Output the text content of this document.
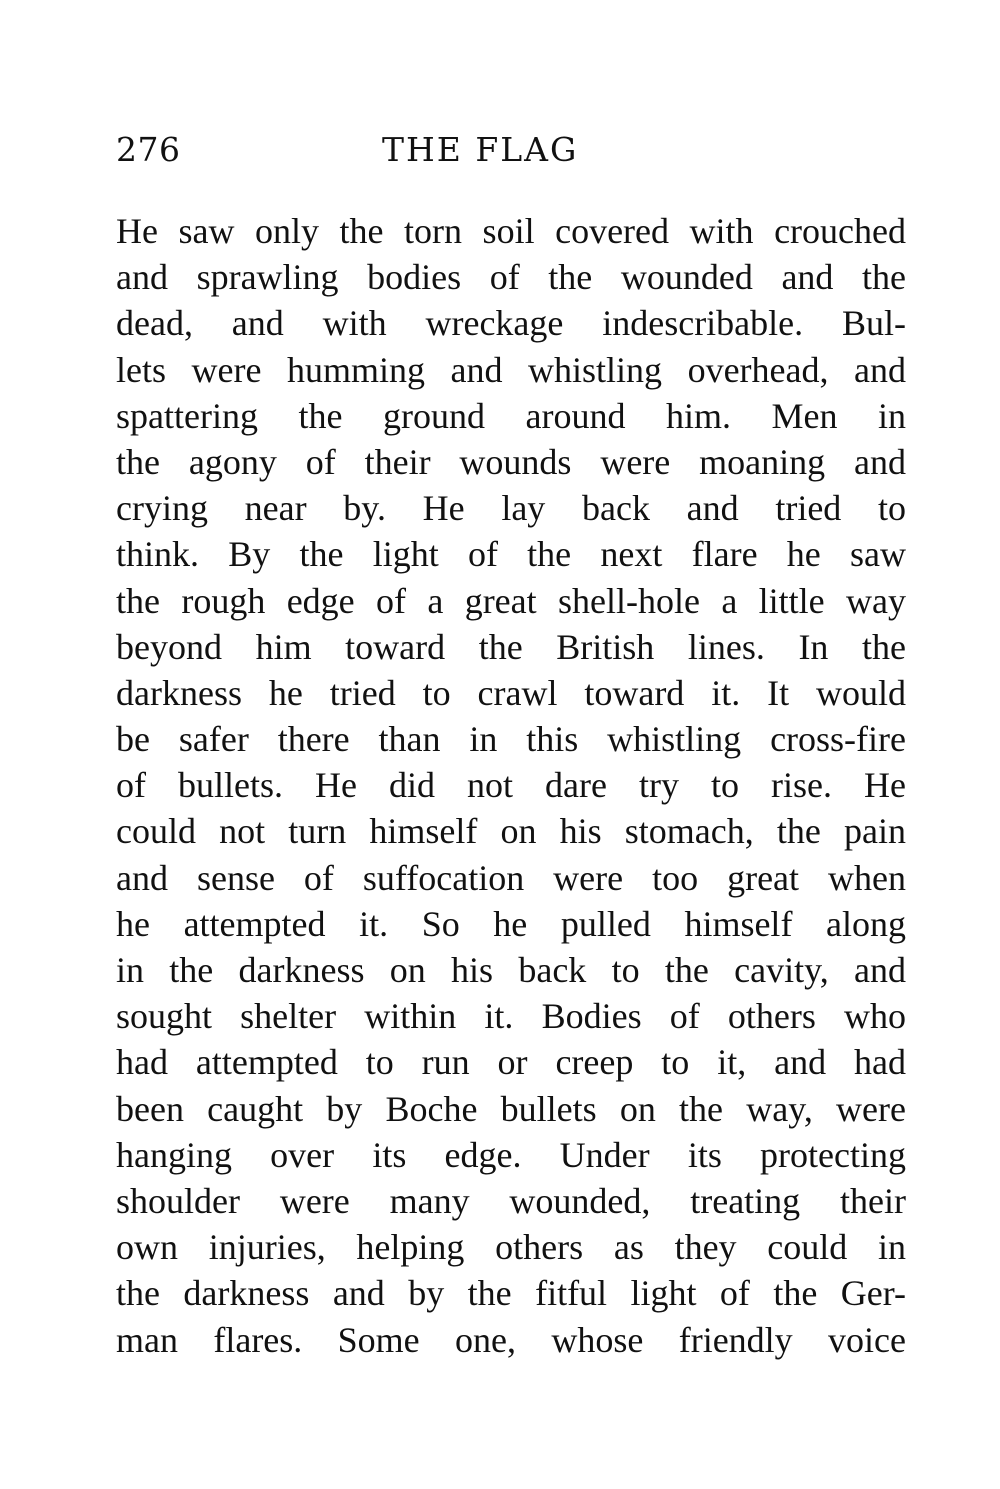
276	THE FLAG
He saw only the torn soil covered with crouched
and sprawling bodies of the wounded and the
dead, and with wreckage indescribable. Bul-
lets were humming and whistling overhead, and
spattering the ground around him. Men in
the agony of their wounds were moaning and
crying near by. He lay back and tried to
think. By the light of the next flare he saw
the rough edge of a great shell-hole a little way
beyond him toward the British lines. In the
darkness he tried to crawl toward it. It would
be safer there than in this whistling cross-fire
of bullets. He did not dare try to rise. He
could not turn himself on his stomach, the pain
and sense of suffocation were too great when
he attempted it. So he pulled himself along
in the darkness on his back to the cavity, and
sought shelter within it. Bodies of others who
had attempted to run or creep to it, and had
been caught by Boche bullets on the way, were
hanging over its edge. Under its protecting
shoulder were many wounded, treating their
own injuries, helping others as they could in
the darkness and by the fitful light of the Ger-
man flares. Some one, whose friendly voice
